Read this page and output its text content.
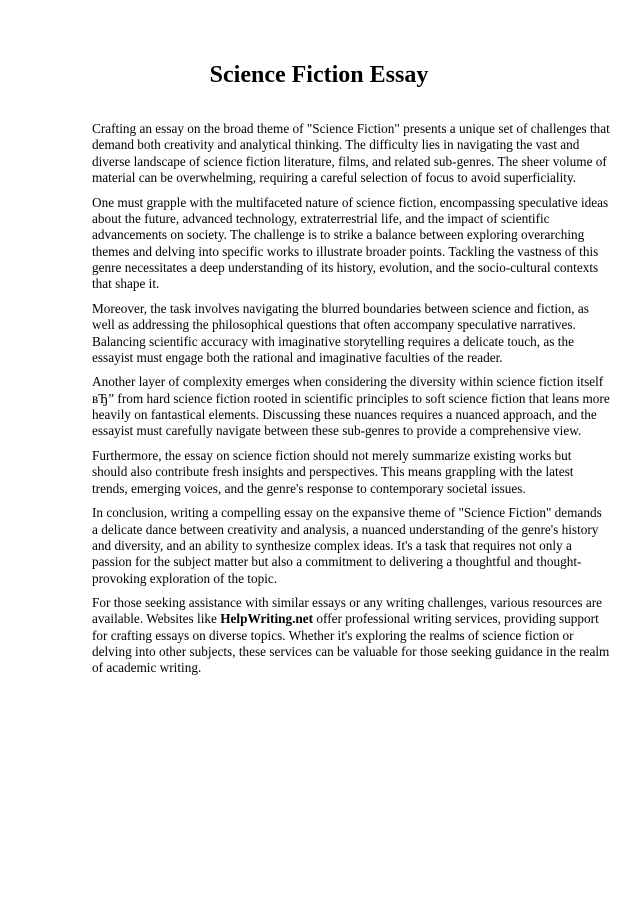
Science Fiction Essay

Crafting an essay on the broad theme of "Science Fiction" presents a unique set of challenges that demand both creativity and analytical thinking. The difficulty lies in navigating the vast and diverse landscape of science fiction literature, films, and related sub-genres. The sheer volume of material can be overwhelming, requiring a careful selection of focus to avoid superficiality.

One must grapple with the multifaceted nature of science fiction, encompassing speculative ideas about the future, advanced technology, extraterrestrial life, and the impact of scientific advancements on society. The challenge is to strike a balance between exploring overarching themes and delving into specific works to illustrate broader points. Tackling the vastness of this genre necessitates a deep understanding of its history, evolution, and the socio-cultural contexts that shape it.

Moreover, the task involves navigating the blurred boundaries between science and fiction, as well as addressing the philosophical questions that often accompany speculative narratives. Balancing scientific accuracy with imaginative storytelling requires a delicate touch, as the essayist must engage both the rational and imaginative faculties of the reader.

Another layer of complexity emerges when considering the diversity within science fiction itself вЂ” from hard science fiction rooted in scientific principles to soft science fiction that leans more heavily on fantastical elements. Discussing these nuances requires a nuanced approach, and the essayist must carefully navigate between these sub-genres to provide a comprehensive view.

Furthermore, the essay on science fiction should not merely summarize existing works but should also contribute fresh insights and perspectives. This means grappling with the latest trends, emerging voices, and the genre's response to contemporary societal issues.

In conclusion, writing a compelling essay on the expansive theme of "Science Fiction" demands a delicate dance between creativity and analysis, a nuanced understanding of the genre's history and diversity, and an ability to synthesize complex ideas. It's a task that requires not only a passion for the subject matter but also a commitment to delivering a thoughtful and thought-provoking exploration of the topic.

For those seeking assistance with similar essays or any writing challenges, various resources are available. Websites like HelpWriting.net offer professional writing services, providing support for crafting essays on diverse topics. Whether it's exploring the realms of science fiction or delving into other subjects, these services can be valuable for those seeking guidance in the realm of academic writing.
